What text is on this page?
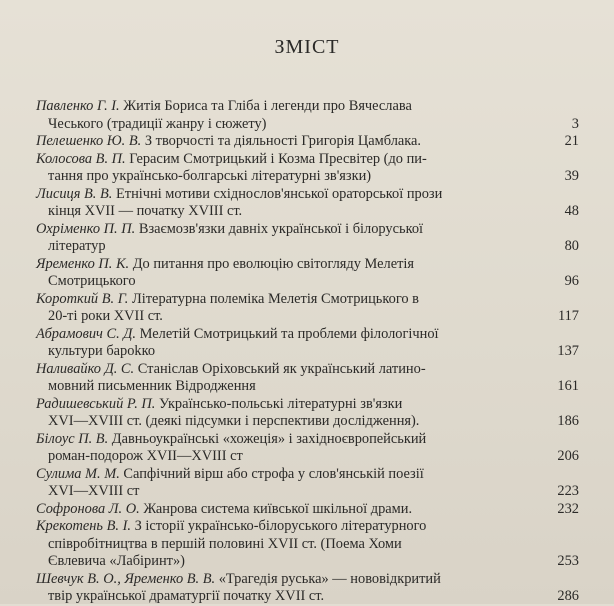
ЗМІСТ
Павленко Г. І. Житія Бориса та Гліба і легенди про Вячеслава
Чеського (традиції жанру і сюжету)	3
Пелешенко Ю. В. З творчості та діяльності Григорія Цамблака.	21
Колосова В. П. Герасим Смотрицький і Козма Пресвітер (до пи-
тання про українсько-болгарські літературні зв'язки)	39
Лисиця В. В. Етнічні мотиви східнослов'янської ораторської прози
кінця XVII — початку XVIII ст.	48
Охріменко П. П. Взаємозв'язки давніх української і білоруської
літератур	80
Яременко П. К. До питання про еволюцію світогляду Мелетія
Смотрицького	96
Короткий В. Г. Літературна полеміка Мелетія Смотрицького в
20-ті роки XVII ст.	117
Абрамович С. Д. Мелетій Смотрицький та проблеми філологічної
культури бароkко	137
Наливайко Д. С. Станіслав Оріховський як український латино-
мовний письменник Відродження	161
Радишевський Р. П. Українсько-польські літературні зв'язки
XVI—XVIII ст. (деякі підсумки і перспективи дослідження).	186
Білоус П. В. Давньоукраїнські «хожеція» і західноєвропейський
роман-подорож XVII—XVIII ст	206
Сулима М. М. Сапфічний вірш або строфа у слов'янській поезії
XVI—XVIII ст	223
Софронова Л. О. Жанрова система київської шкільної драми.	232
Крекотень В. І. З історії українсько-білоруського літературного
співробітництва в першій половині XVII ст. (Поема Хоми
Євлевича «Лабіринт»)	253
Шевчук В. О., Яременко В. В. «Трагедія руська» — нововідкритий
твір української драматургії початку XVII ст.	286
